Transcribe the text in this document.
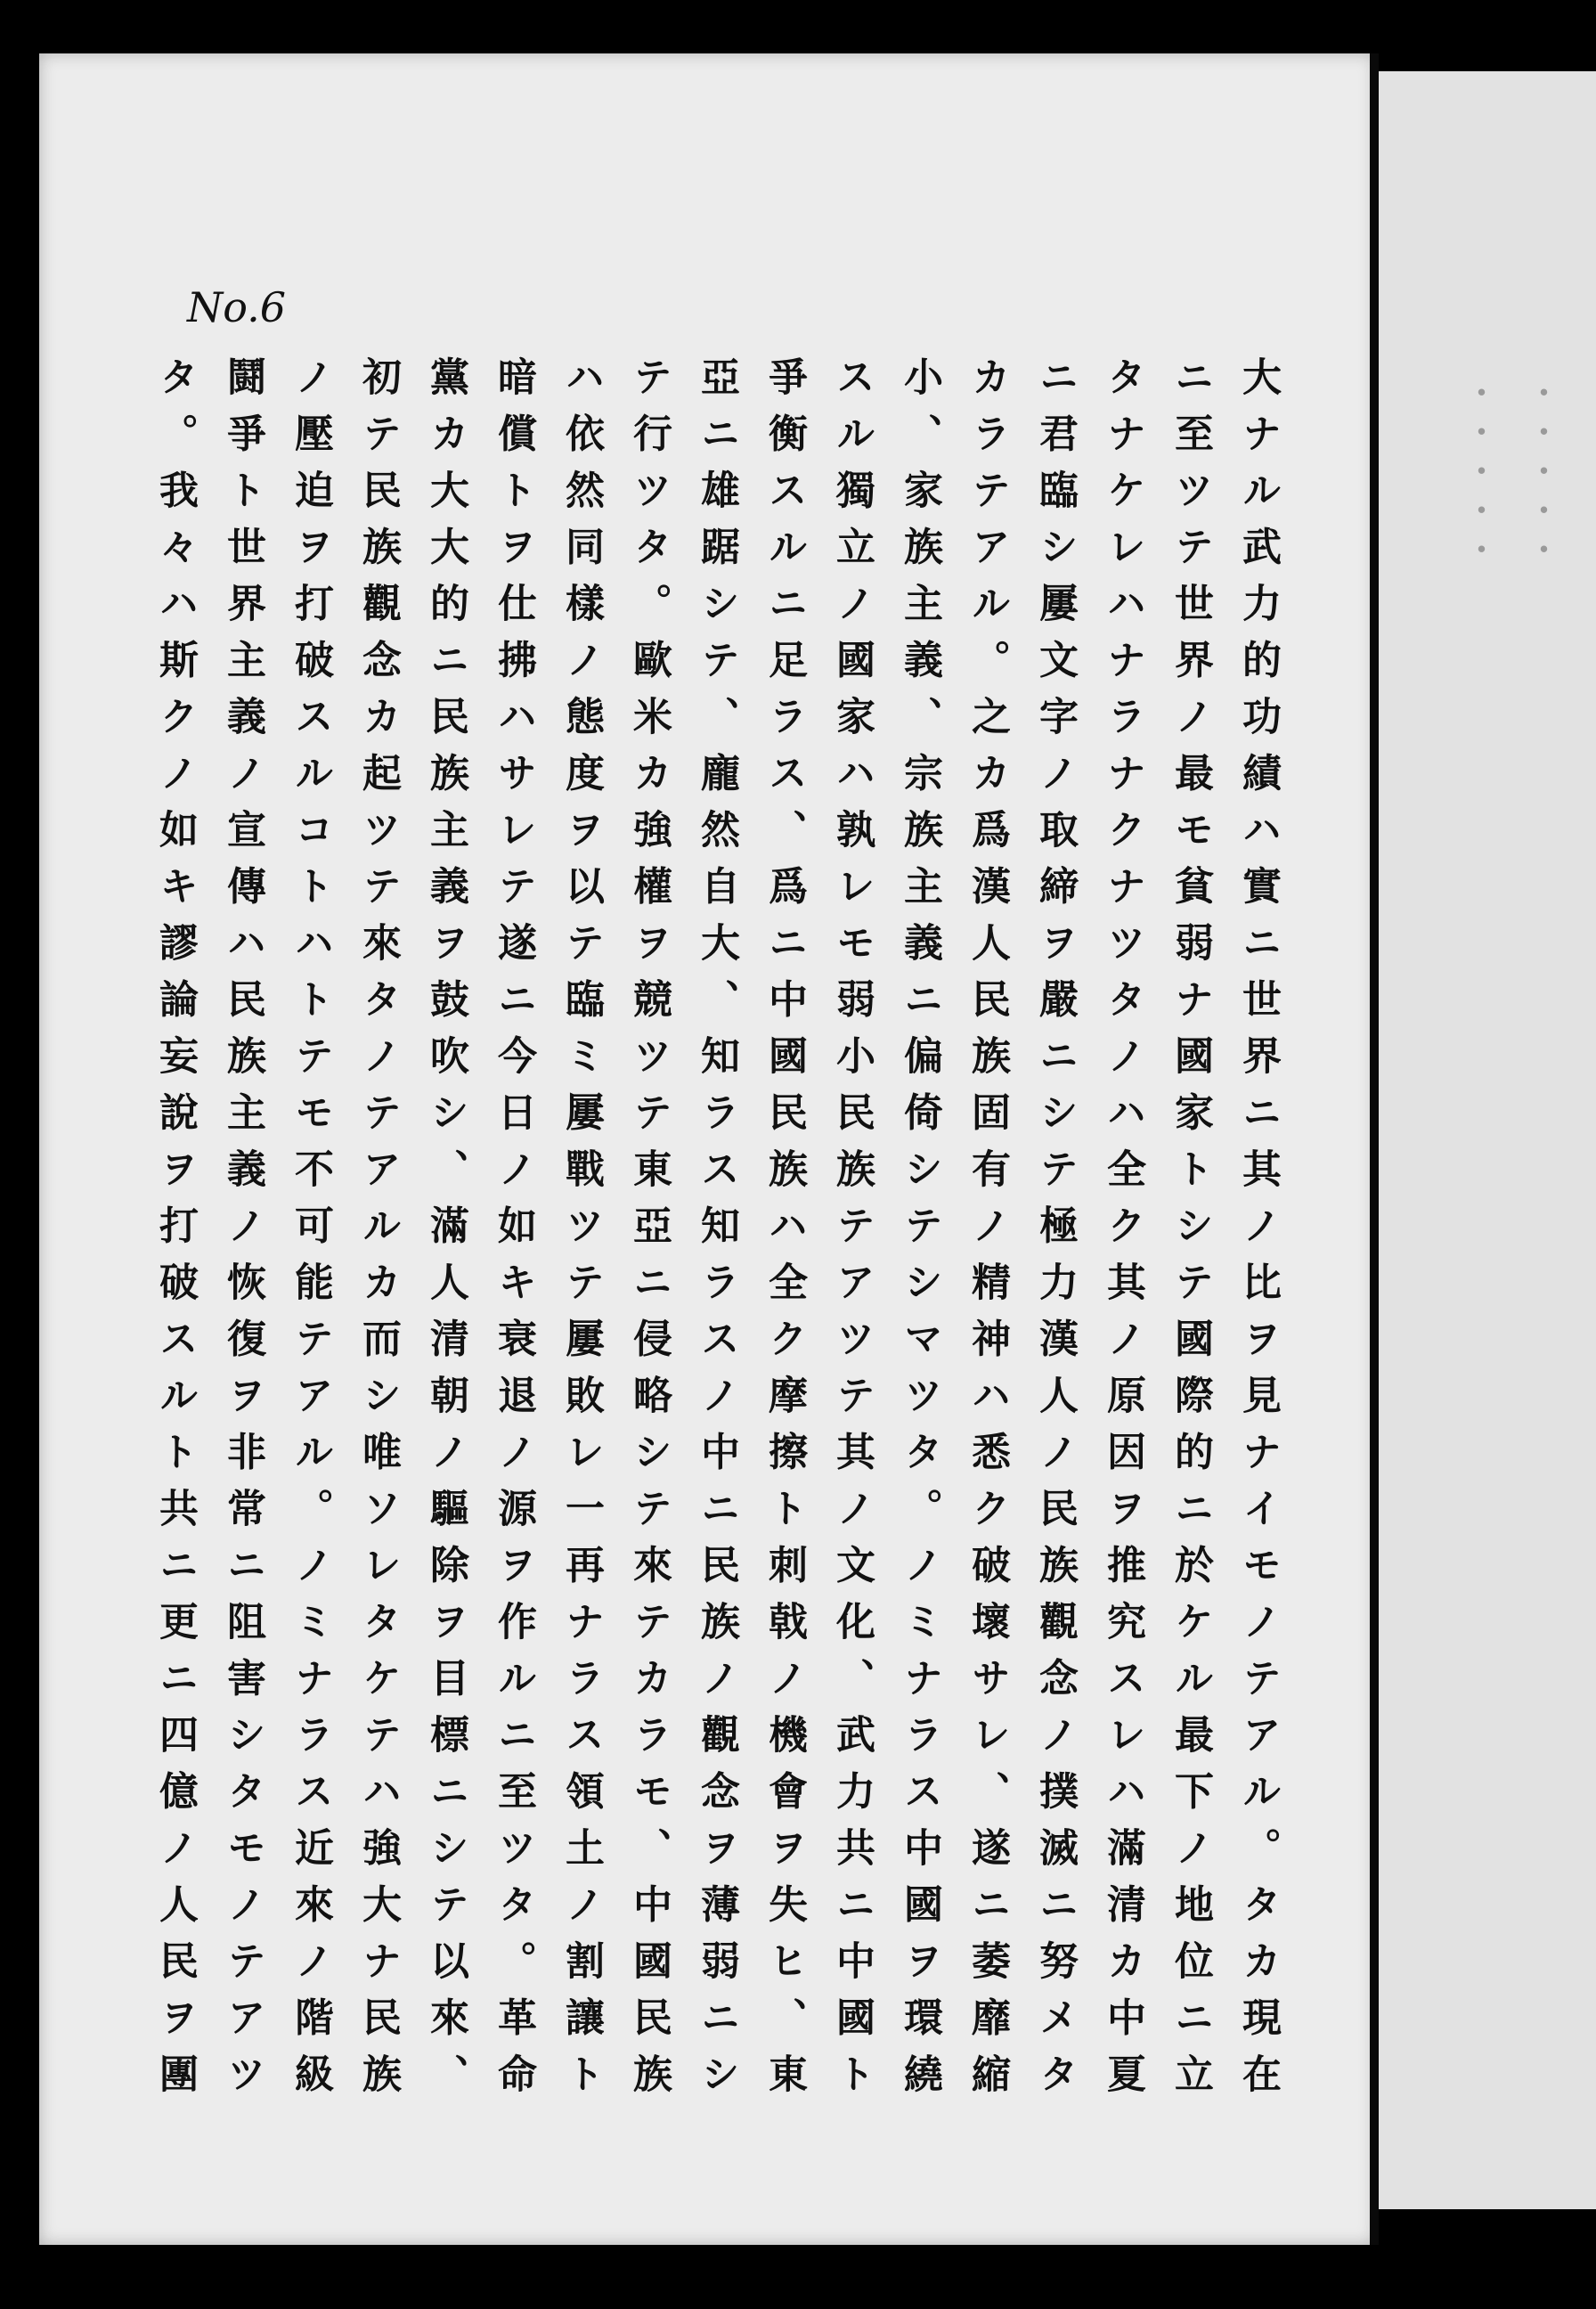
No.6
・・・・・ ・・・・・
大ナル武力的功績ハ實ニ世界ニ其ノ比ヲ見ナイモノテアル。タカ現在
ニ至ツテ世界ノ最モ貧弱ナ國家トシテ國際的ニ於ケル最下ノ地位ニ立
タナケレハナラナクナツタノハ全ク其ノ原因ヲ推究スレハ滿清カ中夏
ニ君臨シ屢文字ノ取締ヲ嚴ニシテ極力漢人ノ民族觀念ノ撲滅ニ努メタ
カラテアル。之カ爲漢人民族固有ノ精神ハ悉ク破壞サレ、遂ニ萎靡縮
小、家族主義、宗族主義ニ偏倚シテシマツタ。ノミナラス中國ヲ環繞
スル獨立ノ國家ハ孰レモ弱小民族テアツテ其ノ文化、武力共ニ中國ト
爭衡スルニ足ラス、爲ニ中國民族ハ全ク摩擦ト刺戟ノ機會ヲ失ヒ、東
亞ニ雄踞シテ、龐然自大、知ラス知ラスノ中ニ民族ノ觀念ヲ薄弱ニシ
テ行ツタ。歐米カ強權ヲ競ツテ東亞ニ侵略シテ來テカラモ、中國民族
ハ依然同樣ノ態度ヲ以テ臨ミ屢戰ツテ屢敗レ一再ナラス領土ノ割讓ト
暗償トヲ仕拂ハサレテ遂ニ今日ノ如キ衰退ノ源ヲ作ルニ至ツタ。革命
黨カ大大的ニ民族主義ヲ鼓吹シ、滿人清朝ノ驅除ヲ目標ニシテ以來、
初テ民族觀念カ起ツテ來タノテアルカ而シ唯ソレタケテハ強大ナ民族
ノ壓迫ヲ打破スルコトハトテモ不可能テアル。ノミナラス近來ノ階級
鬪爭ト世界主義ノ宣傳ハ民族主義ノ恢復ヲ非常ニ阻害シタモノテアツ
タ。我々ハ斯クノ如キ謬論妄說ヲ打破スルト共ニ更ニ四億ノ人民ヲ團
